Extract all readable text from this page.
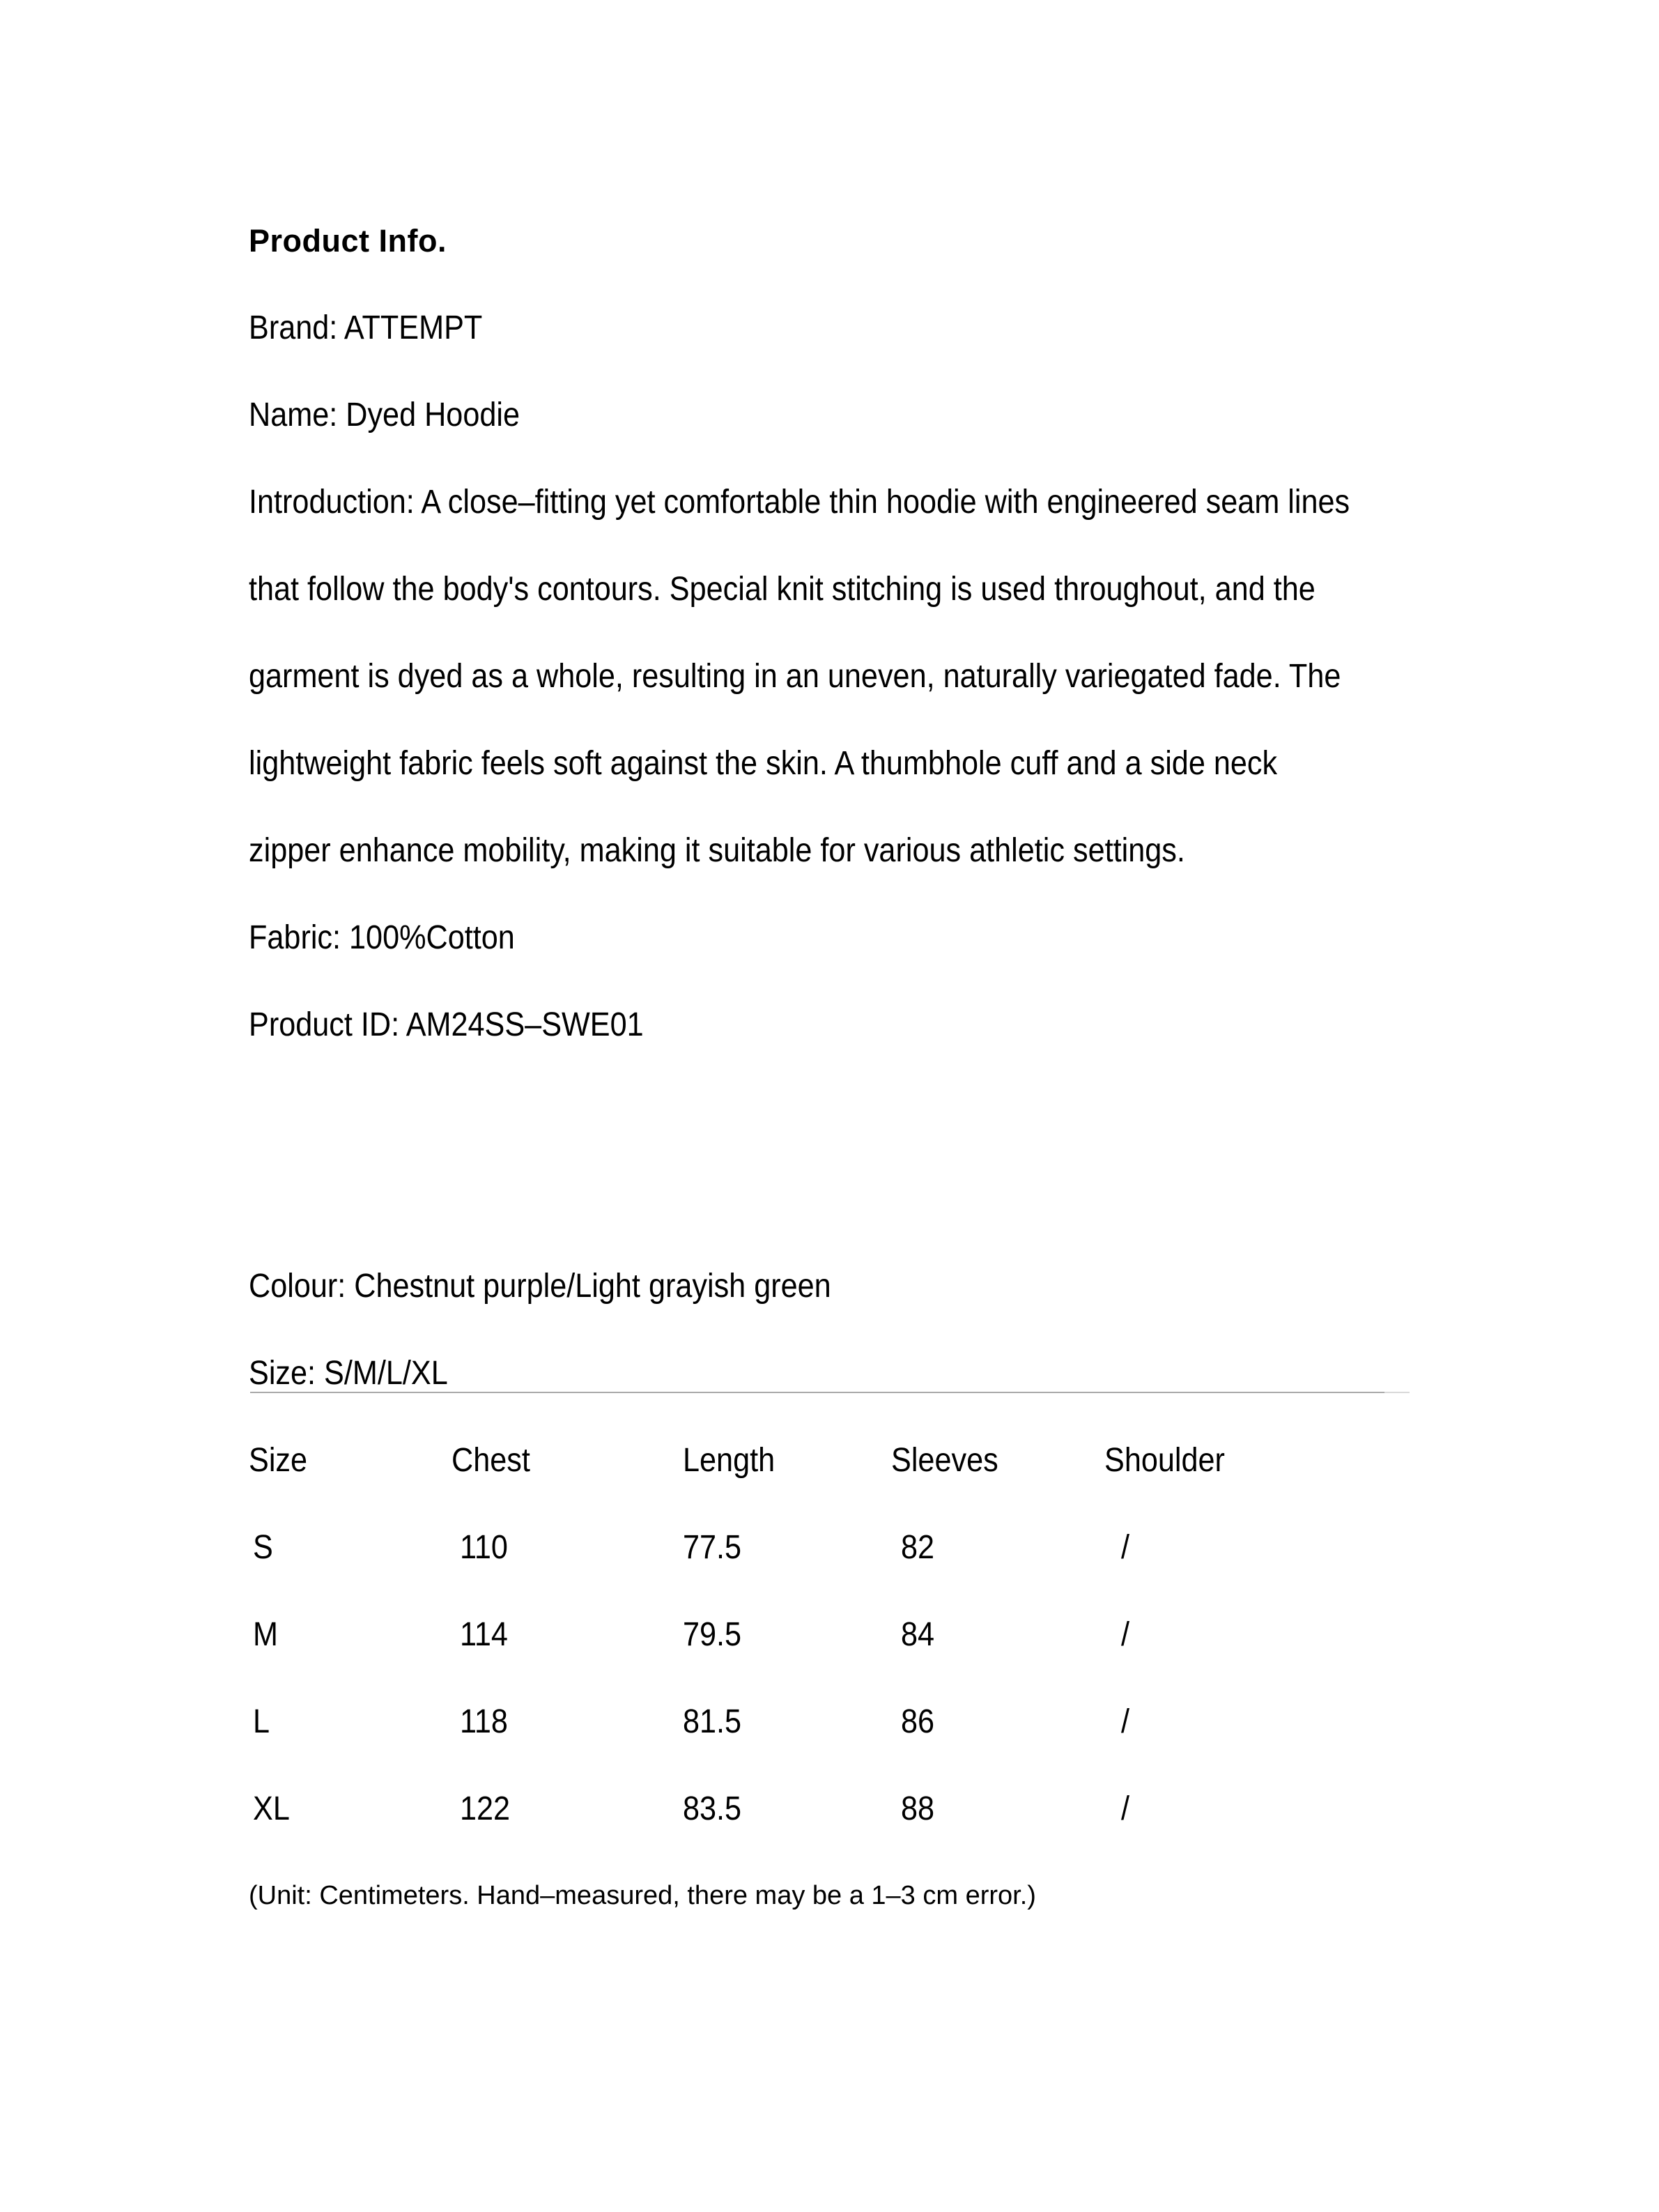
Product Info.

Brand: ATTEMPT

Name: Dyed Hoodie

Introduction: A close–fitting yet comfortable thin hoodie with engineered seam lines

that follow the body's contours. Special knit stitching is used throughout, and the

garment is dyed as a whole, resulting in an uneven, naturally variegated fade. The

lightweight fabric feels soft against the skin. A thumbhole cuff and a side neck

zipper enhance mobility, making it suitable for various athletic settings.

Fabric: 100%Cotton

Product ID: AM24SS–SWE01

Colour: Chestnut purple/Light grayish green

Size: S/M/L/XL

Size	Chest	Length	Sleeves	Shoulder
S	110	77.5	82	/
M	114	79.5	84	/
L	118	81.5	86	/
XL	122	83.5	88	/

(Unit: Centimeters. Hand–measured, there may be a 1–3 cm error.)
